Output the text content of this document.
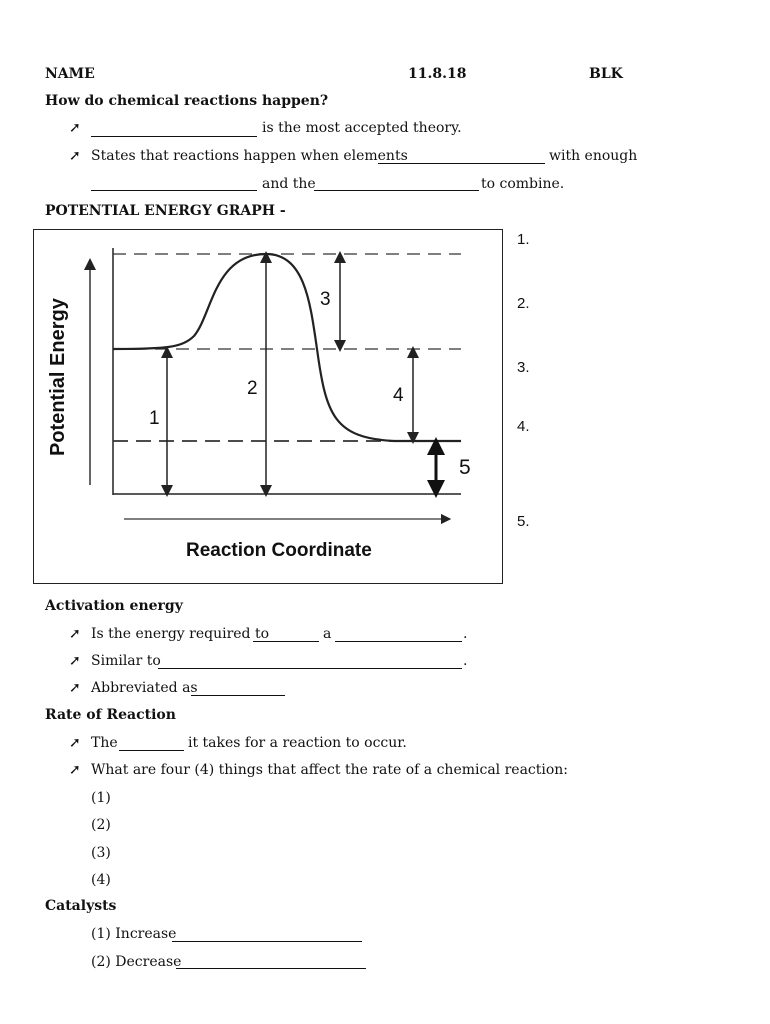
NAME	11.8.18	BLK
How do chemical reactions happen?
➚	is the most accepted theory.
➚ States that reactions happen when elements	with enough
and the	to combine.
POTENTIAL ENERGY GRAPH -
Potential Energy
Reaction Coordinate
1
2
3
4
5
1.
2.
3.
4.
5.
Activation energy
➚ Is the energy required to	a	.
➚ Similar to	.
➚ Abbreviated as
Rate of Reaction
➚ The	it takes for a reaction to occur.
➚ What are four (4) things that affect the rate of a chemical reaction:
(1)
(2)
(3)
(4)
Catalysts
(1) Increase
(2) Decrease
